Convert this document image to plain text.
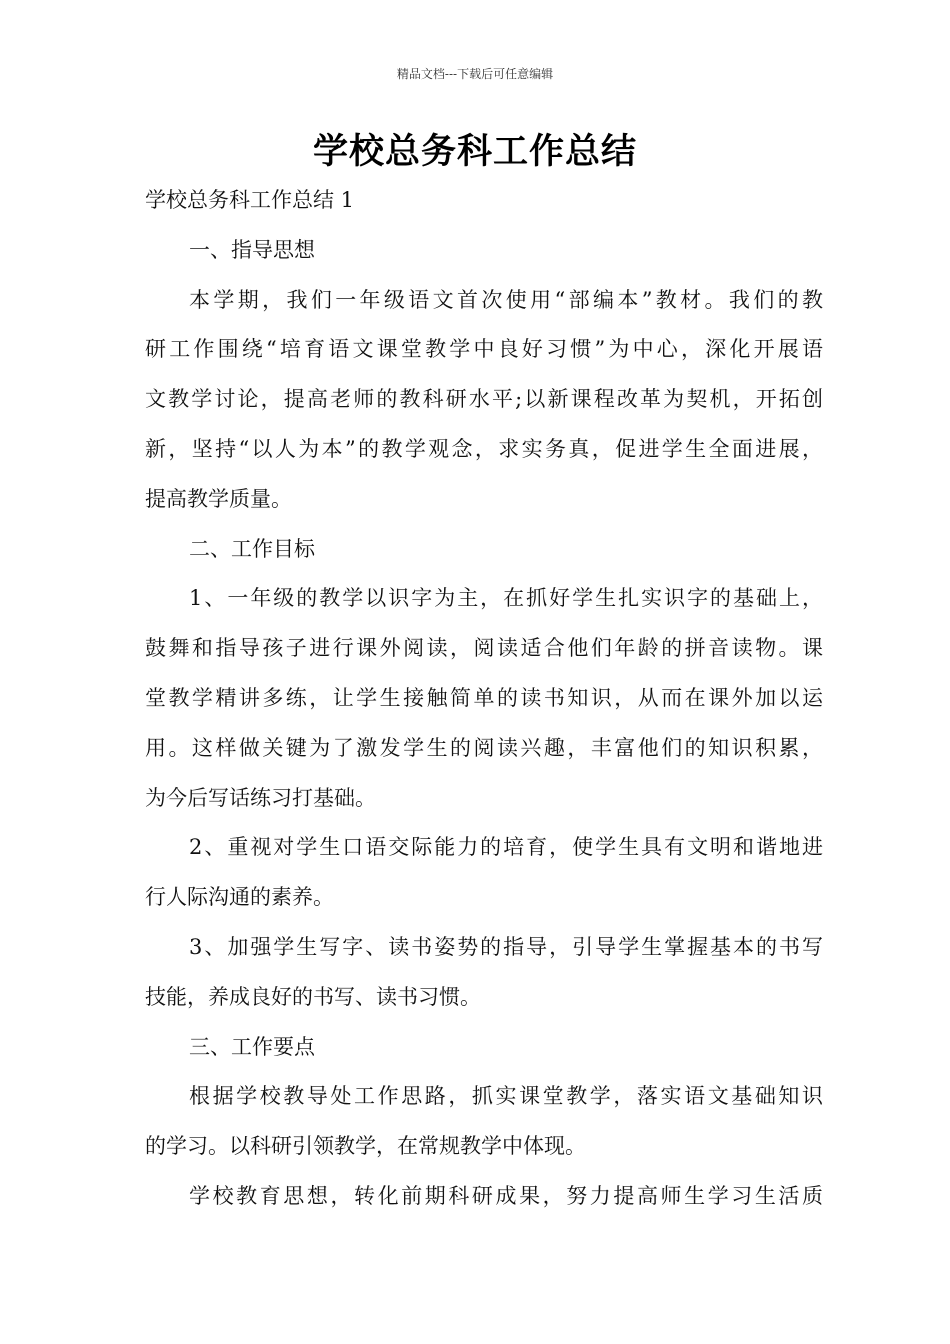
精品文档---下载后可任意编辑
学校总务科工作总结
学校总务科工作总结 1
一、指导思想
本学期，我们一年级语文首次使用“部编本”教材。我们的教
研工作围绕“培育语文课堂教学中良好习惯”为中心，深化开展语
文教学讨论，提高老师的教科研水平;以新课程改革为契机，开拓创
新，坚持“以人为本”的教学观念，求实务真，促进学生全面进展，
提高教学质量。
二、工作目标
1、一年级的教学以识字为主，在抓好学生扎实识字的基础上，
鼓舞和指导孩子进行课外阅读，阅读适合他们年龄的拼音读物。课
堂教学精讲多练，让学生接触简单的读书知识，从而在课外加以运
用。这样做关键为了激发学生的阅读兴趣，丰富他们的知识积累，
为今后写话练习打基础。
2、重视对学生口语交际能力的培育，使学生具有文明和谐地进
行人际沟通的素养。
3、加强学生写字、读书姿势的指导，引导学生掌握基本的书写
技能，养成良好的书写、读书习惯。
三、工作要点
根据学校教导处工作思路，抓实课堂教学，落实语文基础知识
的学习。以科研引领教学，在常规教学中体现。
学校教育思想，转化前期科研成果，努力提高师生学习生活质
